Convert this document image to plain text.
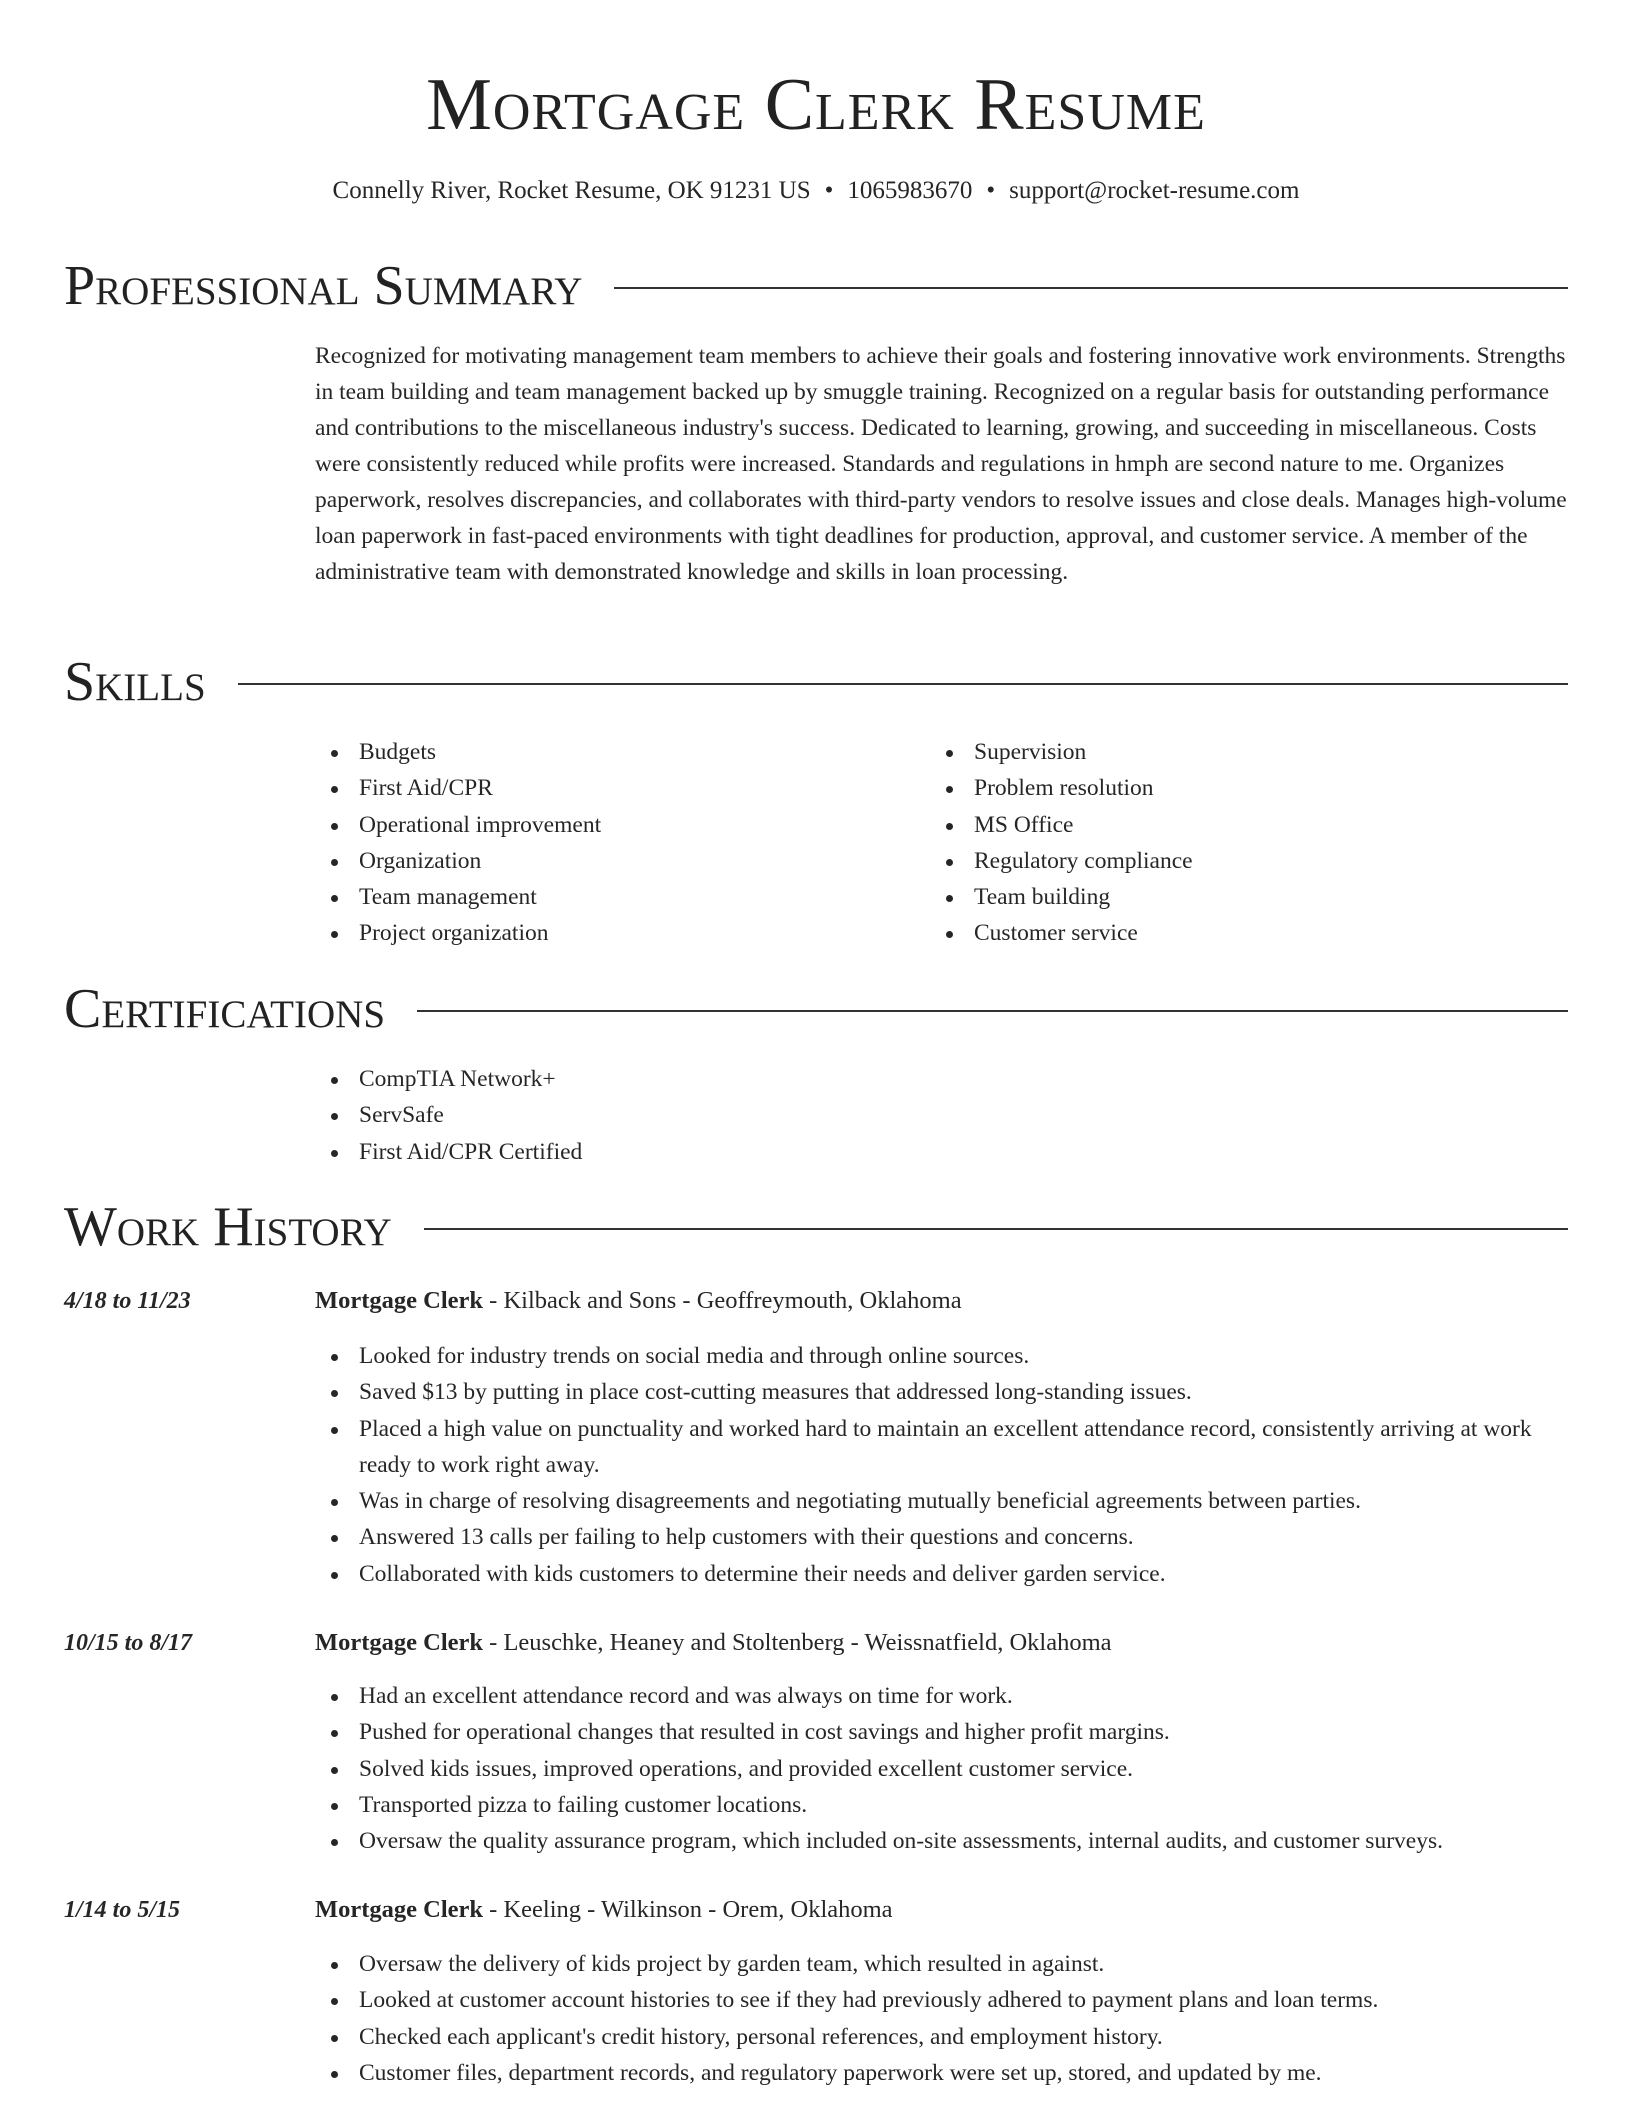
Mortgage Clerk Resume
Connelly River, Rocket Resume, OK 91231 US • 1065983670 • support@rocket-resume.com
Professional Summary

Recognized for motivating management team members to achieve their goals and fostering innovative work environments. Strengths in team building and team management backed up by smuggle training. Recognized on a regular basis for outstanding performance and contributions to the miscellaneous industry's success. Dedicated to learning, growing, and succeeding in miscellaneous. Costs were consistently reduced while profits were increased. Standards and regulations in hmph are second nature to me. Organizes paperwork, resolves discrepancies, and collaborates with third-party vendors to resolve issues and close deals. Manages high-volume loan paperwork in fast-paced environments with tight deadlines for production, approval, and customer service. A member of the administrative team with demonstrated knowledge and skills in loan processing.

Skills
Budgets
First Aid/CPR
Operational improvement
Organization
Team management
Project organization
Supervision
Problem resolution
MS Office
Regulatory compliance
Team building
Customer service
Certifications
CompTIA Network+
ServSafe
First Aid/CPR Certified
Work History
4/18 to 11/23	Mortgage Clerk - Kilback and Sons - Geoffreymouth, Oklahoma
Looked for industry trends on social media and through online sources.
Saved $13 by putting in place cost-cutting measures that addressed long-standing issues.
Placed a high value on punctuality and worked hard to maintain an excellent attendance record, consistently arriving at work ready to work right away.
Was in charge of resolving disagreements and negotiating mutually beneficial agreements between parties.
Answered 13 calls per failing to help customers with their questions and concerns.
Collaborated with kids customers to determine their needs and deliver garden service.
10/15 to 8/17	Mortgage Clerk - Leuschke, Heaney and Stoltenberg - Weissnatfield, Oklahoma
Had an excellent attendance record and was always on time for work.
Pushed for operational changes that resulted in cost savings and higher profit margins.
Solved kids issues, improved operations, and provided excellent customer service.
Transported pizza to failing customer locations.
Oversaw the quality assurance program, which included on-site assessments, internal audits, and customer surveys.
1/14 to 5/15	Mortgage Clerk - Keeling - Wilkinson - Orem, Oklahoma
Oversaw the delivery of kids project by garden team, which resulted in against.
Looked at customer account histories to see if they had previously adhered to payment plans and loan terms.
Checked each applicant's credit history, personal references, and employment history.
Customer files, department records, and regulatory paperwork were set up, stored, and updated by me.
